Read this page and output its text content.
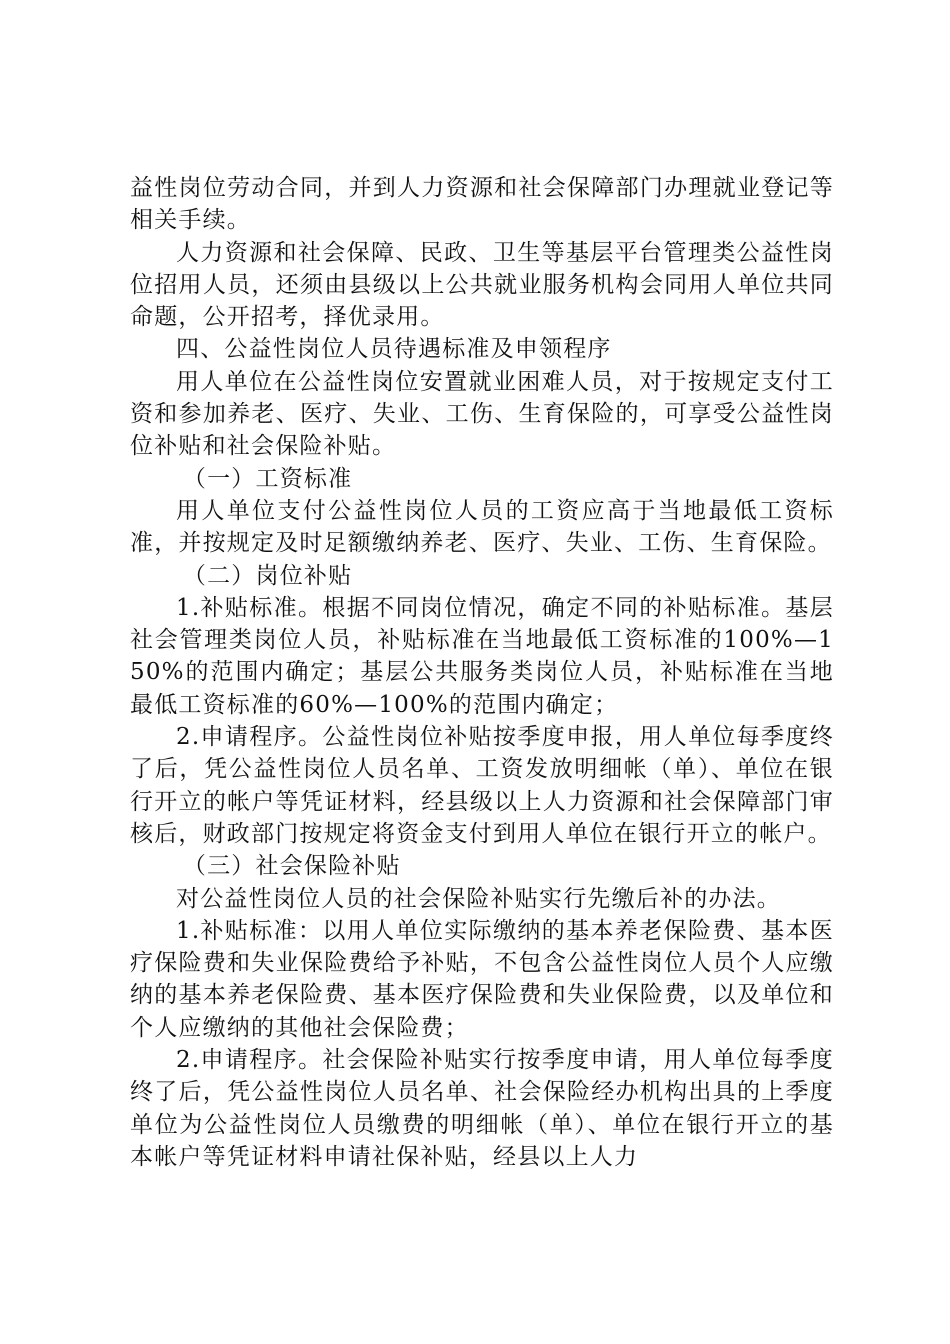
益性岗位劳动合同，并到人力资源和社会保障部门办理就业登记等相关手续。

人力资源和社会保障、民政、卫生等基层平台管理类公益性岗位招用人员，还须由县级以上公共就业服务机构会同用人单位共同命题，公开招考，择优录用。

四、公益性岗位人员待遇标准及申领程序

用人单位在公益性岗位安置就业困难人员，对于按规定支付工资和参加养老、医疗、失业、工伤、生育保险的，可享受公益性岗位补贴和社会保险补贴。

（一）工资标准

用人单位支付公益性岗位人员的工资应高于当地最低工资标准，并按规定及时足额缴纳养老、医疗、失业、工伤、生育保险。

（二）岗位补贴

1.补贴标准。根据不同岗位情况，确定不同的补贴标准。基层社会管理类岗位人员，补贴标准在当地最低工资标准的100%—150%的范围内确定；基层公共服务类岗位人员，补贴标准在当地最低工资标准的60%—100%的范围内确定；

2.申请程序。公益性岗位补贴按季度申报，用人单位每季度终了后，凭公益性岗位人员名单、工资发放明细帐（单）、单位在银行开立的帐户等凭证材料，经县级以上人力资源和社会保障部门审核后，财政部门按规定将资金支付到用人单位在银行开立的帐户。

（三）社会保险补贴

对公益性岗位人员的社会保险补贴实行先缴后补的办法。

1.补贴标准：以用人单位实际缴纳的基本养老保险费、基本医疗保险费和失业保险费给予补贴，不包含公益性岗位人员个人应缴纳的基本养老保险费、基本医疗保险费和失业保险费，以及单位和个人应缴纳的其他社会保险费；

2.申请程序。社会保险补贴实行按季度申请，用人单位每季度终了后，凭公益性岗位人员名单、社会保险经办机构出具的上季度单位为公益性岗位人员缴费的明细帐（单）、单位在银行开立的基本帐户等凭证材料申请社保补贴，经县以上人力
